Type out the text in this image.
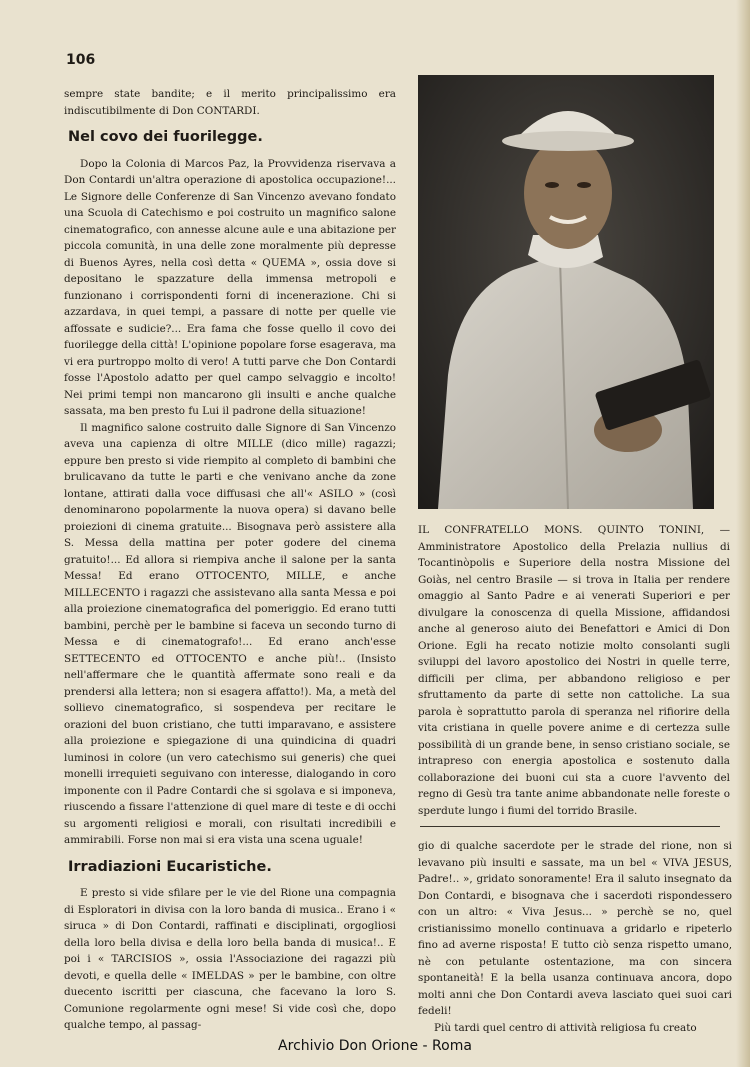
106

sempre state bandite; e il merito principalissimo era indiscutibilmente di Don CONTARDI.

Nel covo dei fuorilegge.

Dopo la Colonia di Marcos Paz, la Provvidenza riservava a Don Contardi un'altra operazione di apostolica occupazione!... Le Signore delle Conferenze di San Vincenzo avevano fondato una Scuola di Catechismo e poi costruito un magnifico salone cinematografico, con annesse alcune aule e una abitazione per piccola comunità, in una delle zone moralmente più depresse di Buenos Ayres, nella così detta « QUEMA », ossia dove si depositano le spazzature della immensa metropoli e funzionano i corrispondenti forni di incenerazione. Chi si azzardava, in quei tempi, a passare di notte per quelle vie affossate e sudicie?... Era fama che fosse quello il covo dei fuorilegge della città! L'opinione popolare forse esagerava, ma vi era purtroppo molto di vero! A tutti parve che Don Contardi fosse l'Apostolo adatto per quel campo selvaggio e incolto! Nei primi tempi non mancarono gli insulti e anche qualche sassata, ma ben presto fu Lui il padrone della situazione!

Il magnifico salone costruito dalle Signore di San Vincenzo aveva una capienza di oltre MILLE (dico mille) ragazzi; eppure ben presto si vide riempito al completo di bambini che brulicavano da tutte le parti e che venivano anche da zone lontane, attirati dalla voce diffusasi che all'« ASILO » (così denominarono popolarmente la nuova opera) si davano belle proiezioni di cinema gratuite... Bisognava però assistere alla S. Messa della mattina per poter godere del cinema gratuito!... Ed allora si riempiva anche il salone per la santa Messa! Ed erano OTTOCENTO, MILLE, e anche MILLECENTO i ragazzi che assistevano alla santa Messa e poi alla proiezione cinematografica del pomeriggio. Ed erano tutti bambini, perchè per le bambine si faceva un secondo turno di Messa e di cinematografo!... Ed erano anch'esse SETTECENTO ed OTTOCENTO e anche più!.. (Insisto nell'affermare che le quantità affermate sono reali e da prendersi alla lettera; non si esagera affatto!). Ma, a metà del sollievo cinematografico, si sospendeva per recitare le orazioni del buon cristiano, che tutti imparavano, e assistere alla proiezione e spiegazione di una quindicina di quadri luminosi in colore (un vero catechismo sui generis) che quei monelli irrequieti seguivano con interesse, dialogando in coro imponente con il Padre Contardi che si sgolava e si imponeva, riuscendo a fissare l'attenzione di quel mare di teste e di occhi su argomenti religiosi e morali, con risultati incredibili e ammirabili. Forse non mai si era vista una scena uguale!

Irradiazioni Eucaristiche.

E presto si vide sfilare per le vie del Rione una compagnia di Esploratori in divisa con la loro banda di musica.. Erano i « siruca » di Don Contardi, raffinati e disciplinati, orgogliosi della loro bella divisa e della loro bella banda di musica!.. E poi i « TARCISIOS », ossia l'Associazione dei ragazzi più devoti, e quella delle « IMELDAS » per le bambine, con oltre duecento iscritti per ciascuna, che facevano la loro S. Comunione regolarmente ogni mese! Si vide così che, dopo qualche tempo, al passag-

IL CONFRATELLO MONS. QUINTO TONINI, — Amministratore Apostolico della Prelazia nullius di Tocantinòpolis e Superiore della nostra Missione del Goiàs, nel centro Brasile — si trova in Italia per rendere omaggio al Santo Padre e ai venerati Superiori e per divulgare la conoscenza di quella Missione, affidandosi anche al generoso aiuto dei Benefattori e Amici di Don Orione. Egli ha recato notizie molto consolanti sugli sviluppi del lavoro apostolico dei Nostri in quelle terre, difficili per clima, per abbandono religioso e per sfruttamento da parte di sette non cattoliche. La sua parola è soprattutto parola di speranza nel rifiorire della vita cristiana in quelle povere anime e di certezza sulle possibilità di un grande bene, in senso cristiano sociale, se intrapreso con energia apostolica e sostenuto dalla collaborazione dei buoni cui sta a cuore l'avvento del regno di Gesù tra tante anime abbandonate nelle foreste o sperdute lungo i fiumi del torrido Brasile.

gio di qualche sacerdote per le strade del rione, non si levavano più insulti e sassate, ma un bel « VIVA JESUS, Padre!.. », gridato sonoramente! Era il saluto insegnato da Don Contardi, e bisognava che i sacerdoti rispondessero con un altro: « Viva Jesus... » perchè se no, quel cristianissimo monello continuava a gridarlo e ripeterlo fino ad averne risposta! E tutto ciò senza rispetto umano, nè con petulante ostentazione, ma con sincera spontaneità! E la bella usanza continuava ancora, dopo molti anni che Don Contardi aveva lasciato quei suoi cari fedeli!

Più tardi quel centro di attività religiosa fu creato

Archivio Don Orione - Roma
